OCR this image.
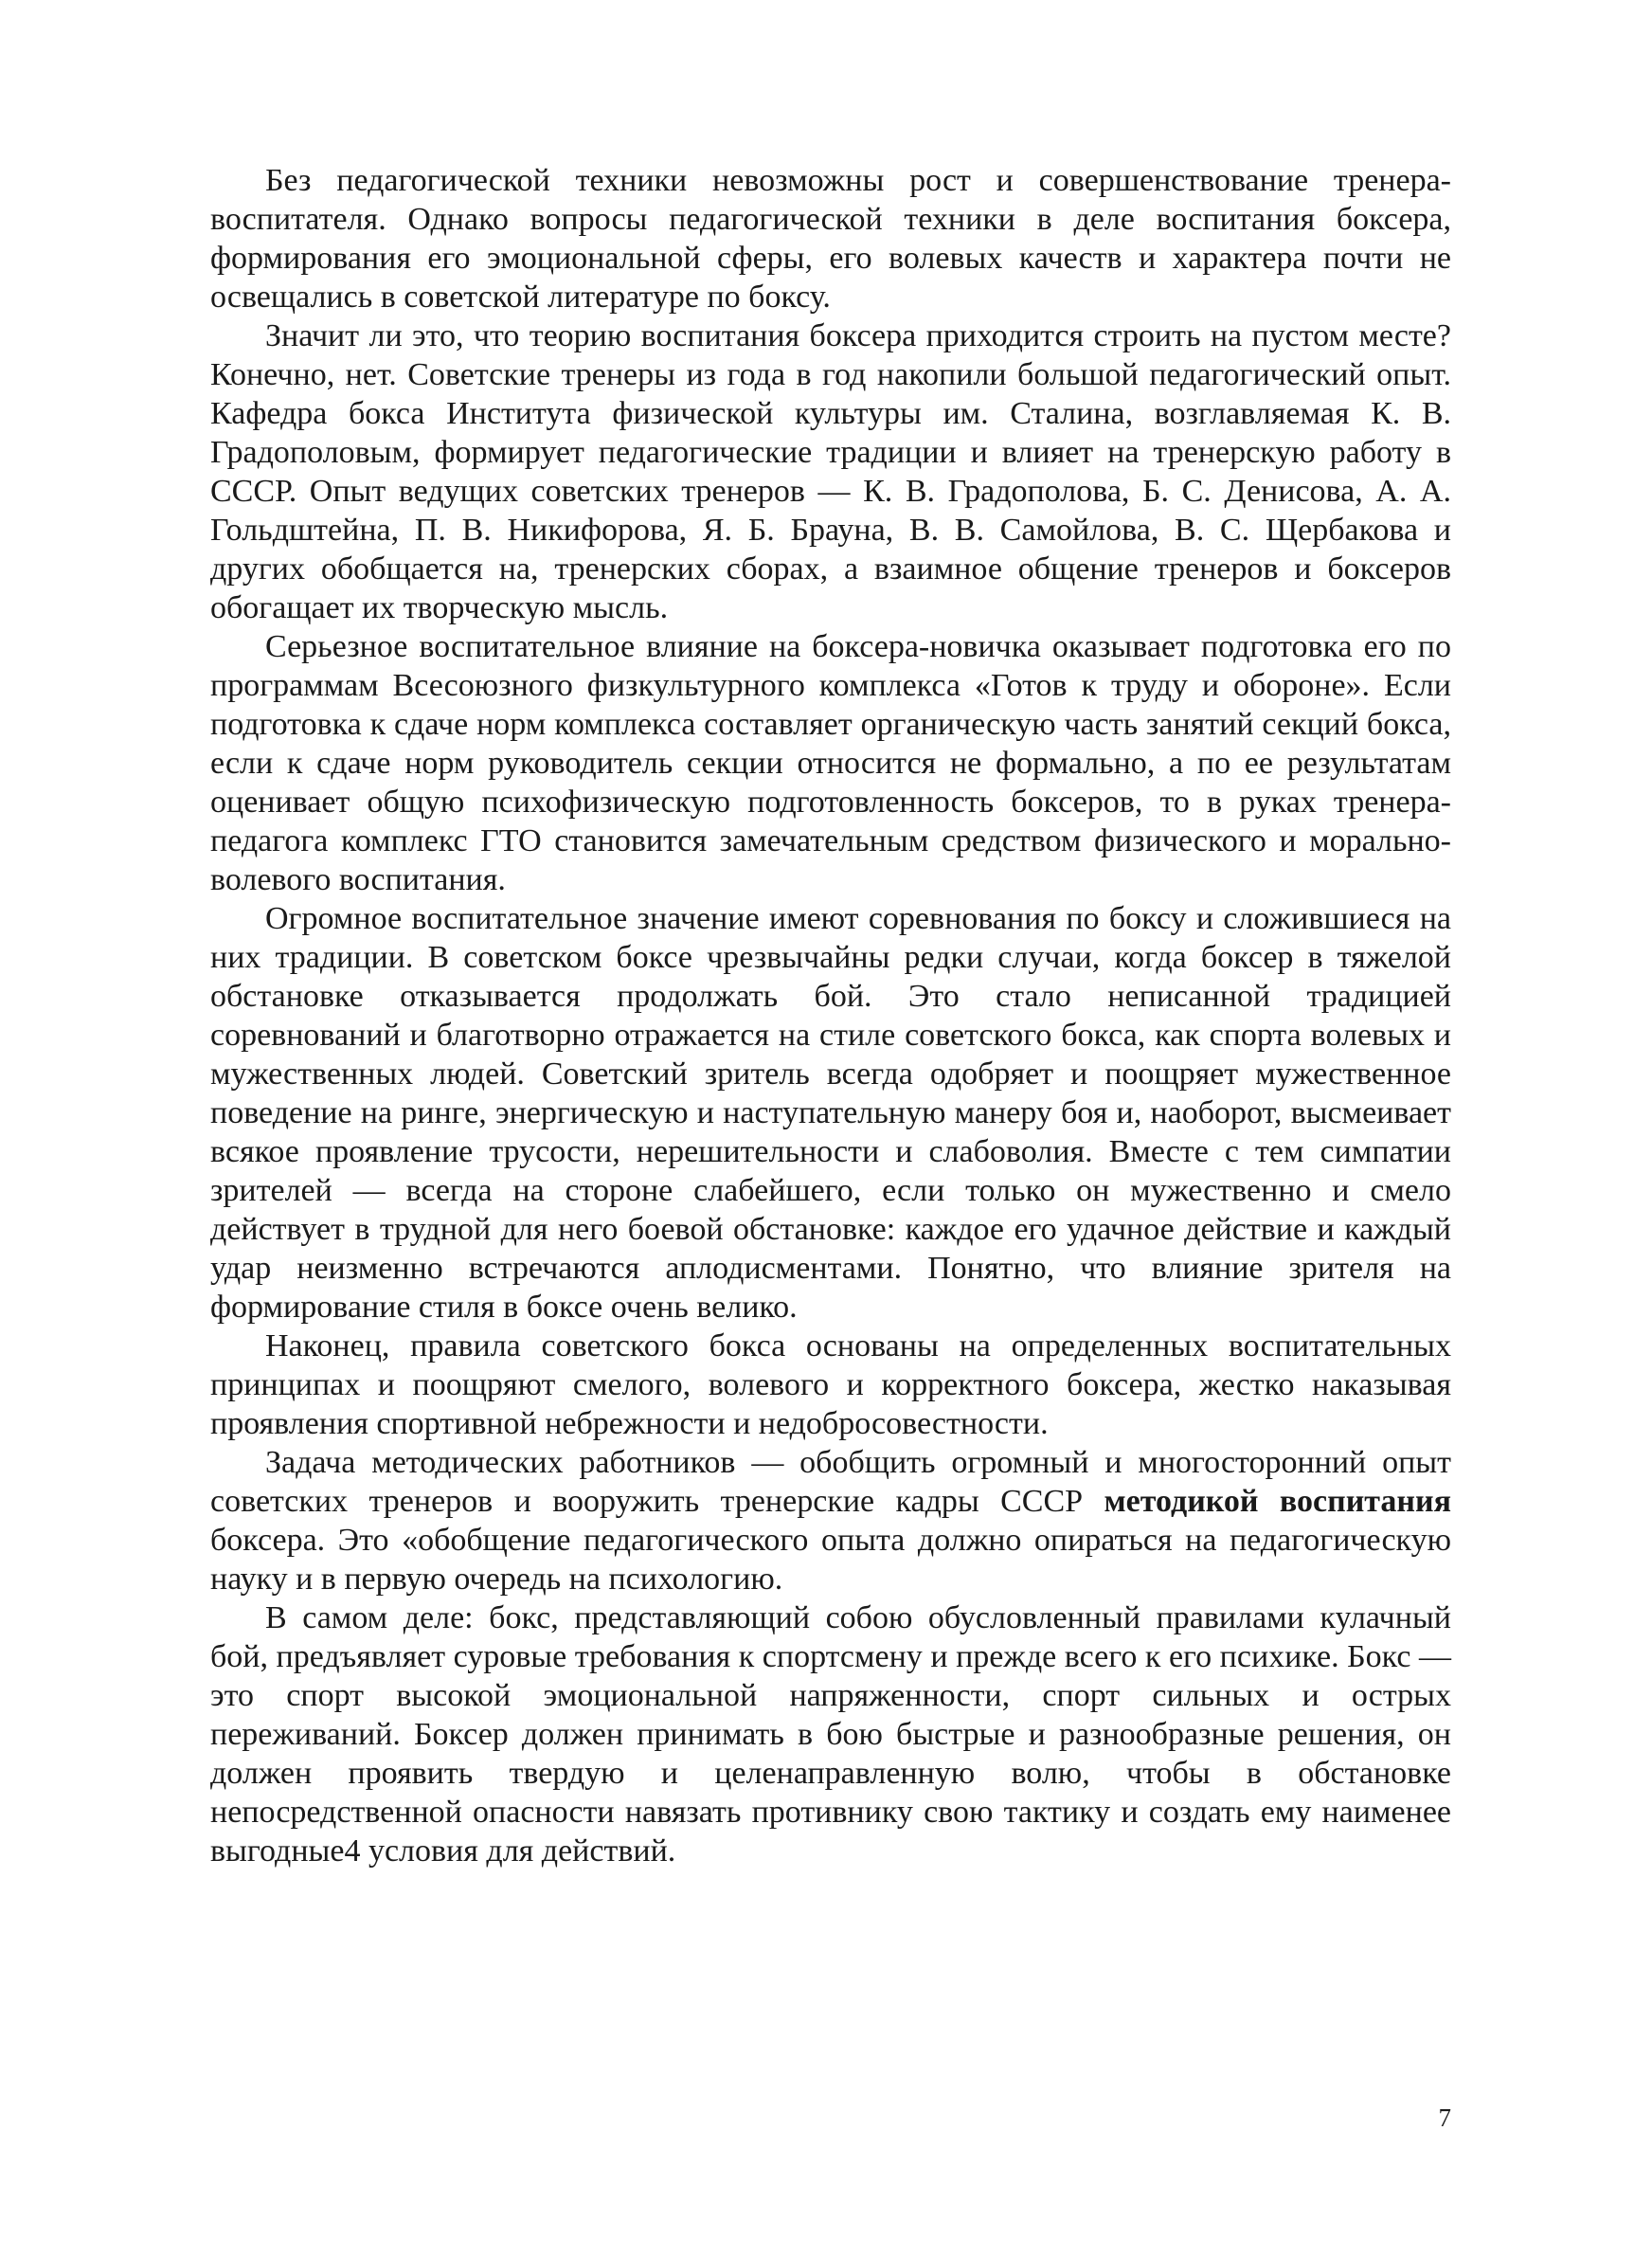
Без педагогической техники невозможны рост и совершенствование тренера-воспитателя. Однако вопросы педагогической техники в деле воспитания боксера, формирования его эмоциональной сферы, его волевых качеств и характера почти не освещались в советской литературе по боксу.

Значит ли это, что теорию воспитания боксера приходится строить на пустом месте? Конечно, нет. Советские тренеры из года в год накопили большой педагогический опыт. Кафедра бокса Института физической культуры им. Сталина, возглавляемая К. В. Градополовым, формирует педагогические традиции и влияет на тренерскую работу в СССР. Опыт ведущих советских тренеров — К. В. Градополова, Б. С. Денисова, А. А. Гольдштейна, П. В. Никифорова, Я. Б. Брауна, В. В. Самойлова, В. С. Щербакова и других обобщается на, тренерских сборах, а взаимное общение тренеров и боксеров обогащает их творческую мысль.

Серьезное воспитательное влияние на боксера-новичка оказывает подготовка его по программам Всесоюзного физкультурного комплекса «Готов к труду и обороне». Если подготовка к сдаче норм комплекса составляет органическую часть занятий секций бокса, если к сдаче норм руководитель секции относится не формально, а по ее результатам оценивает общую психофизическую подготовленность боксеров, то в руках тренера-педагога комплекс ГТО становится замечательным средством физического и морально-волевого воспитания.

Огромное воспитательное значение имеют соревнования по боксу и сложившиеся на них традиции. В советском боксе чрезвычайны редки случаи, когда боксер в тяжелой обстановке отказывается продолжать бой. Это стало неписанной традицией соревнований и благотворно отражается на стиле советского бокса, как спорта волевых и мужественных людей. Советский зритель всегда одобряет и поощряет мужественное поведение на ринге, энергическую и наступательную манеру боя и, наоборот, высмеивает всякое проявление трусости, нерешительности и слабоволия. Вместе с тем симпатии зрителей — всегда на стороне слабейшего, если только он мужественно и смело действует в трудной для него боевой обстановке: каждое его удачное действие и каждый удар неизменно встречаются аплодисментами. Понятно, что влияние зрителя на формирование стиля в боксе очень велико.

Наконец, правила советского бокса основаны на определенных воспитательных принципах и поощряют смелого, волевого и корректного боксера, жестко наказывая проявления спортивной небрежности и недобросовестности.

Задача методических работников — обобщить огромный и многосторонний опыт советских тренеров и вооружить тренерские кадры СССР методикой воспитания боксера. Это «обобщение педагогического опыта должно опираться на педагогическую науку и в первую очередь на психологию.

В самом деле: бокс, представляющий собою обусловленный правилами кулачный бой, предъявляет суровые требования к спортсмену и прежде всего к его психике. Бокс — это спорт высокой эмоциональной напряженности, спорт сильных и острых переживаний. Боксер должен принимать в бою быстрые и разнообразные решения, он должен проявить твердую и целенаправленную волю, чтобы в обстановке непосредственной опасности навязать противнику свою тактику и создать ему наименее выгодные4 условия для действий.

7
